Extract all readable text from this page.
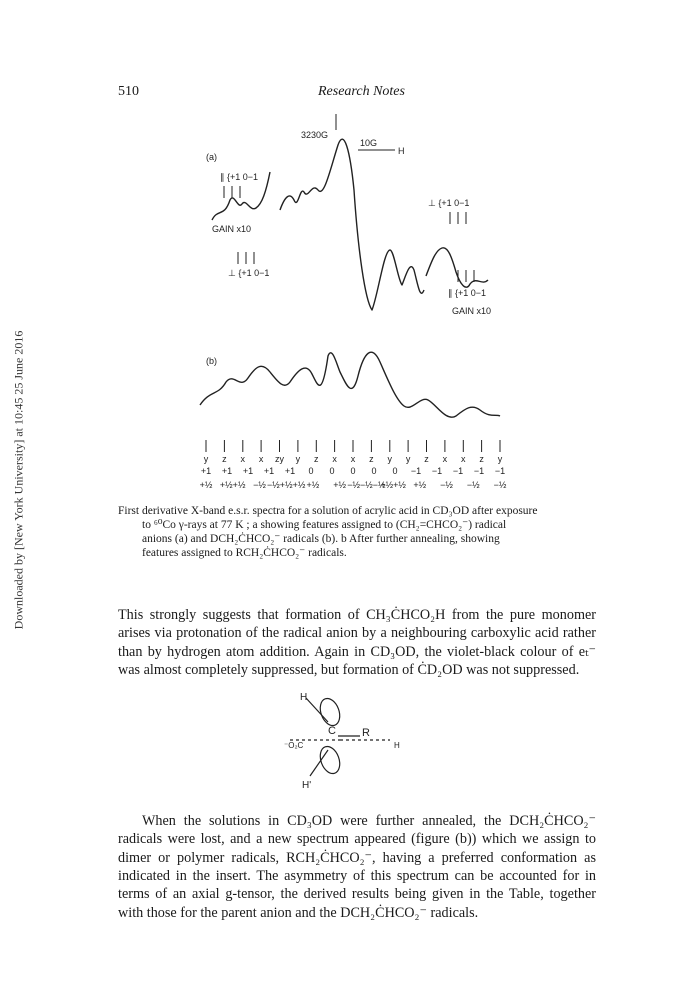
Downloaded by [New York University] at 10:45 25 June 2016
510	Research Notes
3230G
10G
H
(a)
∥ {+1 0−1
GAIN x10
⊥ {+1 0−1
⊥ {+1 0−1
∥ {+1 0−1
GAIN x10
(b)
y z x x zy y z x x z y y z x x z y
+1 +1 +1 +1 +1 0 0 0 0 0 −1 −1 −1 −1 −1
+½ +½+½ −½ −½+½+½ +½ +½ −½−½−½
+½+½ +½ −½ −½ −½
First derivative X-band e.s.r. spectra for a solution of acrylic acid in CD₃OD after exposure
to ⁶⁰Co γ-rays at 77 K ; a showing features assigned to (CH₂=CHCO₂⁻) radical
anions (a) and DCH₂ĊHCO₂⁻ radicals (b). b After further annealing, showing
features assigned to RCH₂ĊHCO₂⁻ radicals.

This strongly suggests that formation of CH₃ĊHCO₂H from the pure monomer arises via protonation of the radical anion by a neighbouring carboxylic acid rather than by hydrogen atom addition. Again in CD₃OD, the violet-black colour of eₜ⁻ was almost completely suppressed, but formation of ĊD₂OD was not suppressed.

H
C R
⁻O₂C	H
H'

When the solutions in CD₃OD were further annealed, the DCH₂ĊHCO₂⁻ radicals were lost, and a new spectrum appeared (figure (b)) which we assign to dimer or polymer radicals, RCH₂ĊHCO₂⁻, having a preferred conformation as indicated in the insert. The asymmetry of this spectrum can be accounted for in terms of an axial g-tensor, the derived results being given in the Table, together with those for the parent anion and the DCH₂ĊHCO₂⁻ radicals.
